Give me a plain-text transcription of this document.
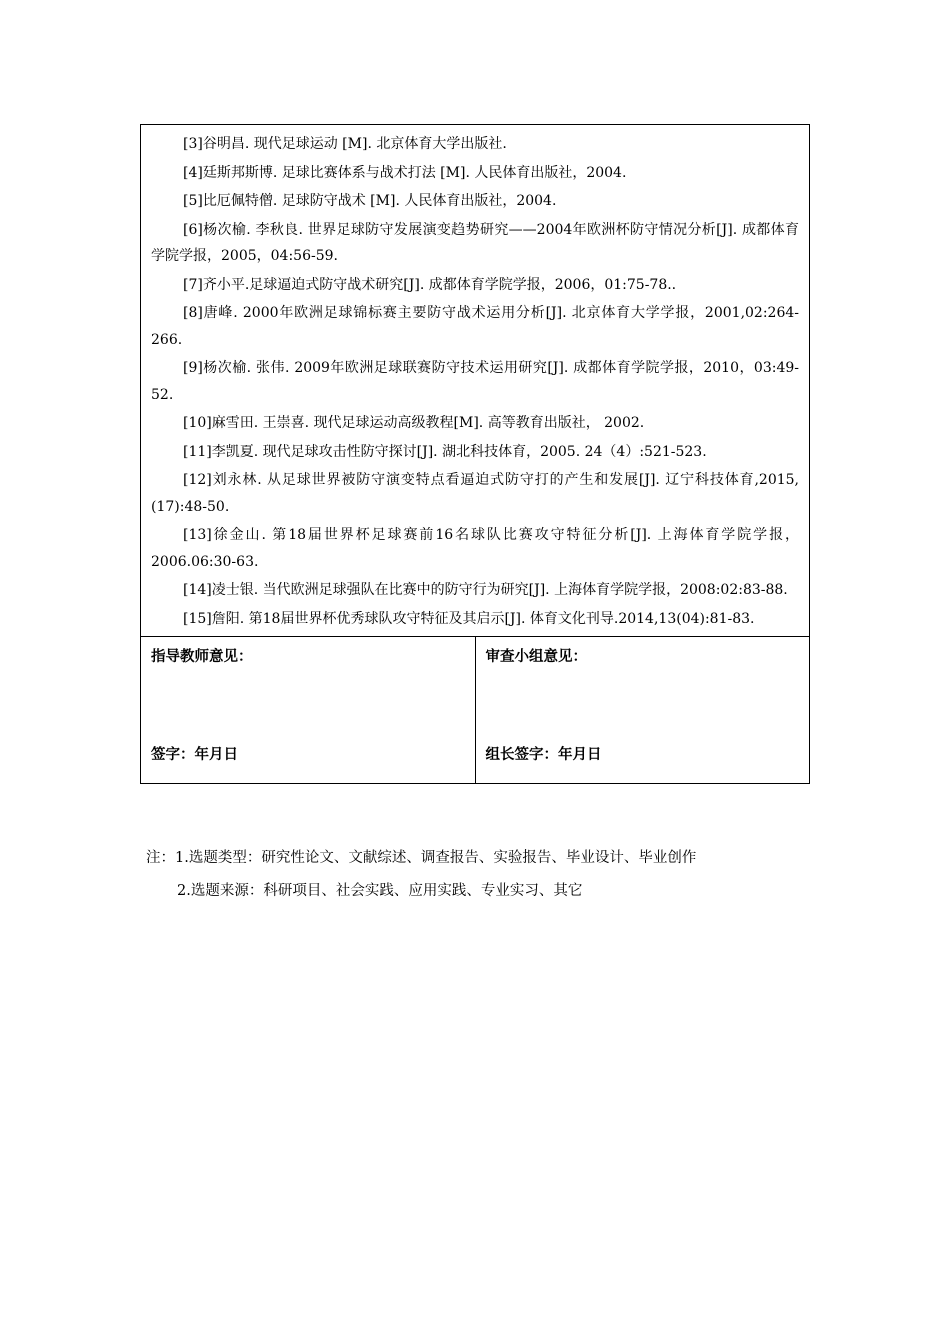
[3]谷明昌. 现代足球运动 [M]. 北京体育大学出版社.

[4]廷斯邦斯博. 足球比赛体系与战术打法 [M]. 人民体育出版社，2004.

[5]比厄佩特僧. 足球防守战术 [M]. 人民体育出版社，2004.

[6]杨次榆. 李秋良. 世界足球防守发展演变趋势研究——2004年欧洲杯防守情况分析[J]. 成都体育学院学报，2005，04:56-59.

[7]齐小平.足球逼迫式防守战术研究[J]. 成都体育学院学报，2006，01:75-78..

[8]唐峰. 2000年欧洲足球锦标赛主要防守战术运用分析[J]. 北京体育大学学报，2001,02:264-266.

[9]杨次榆. 张伟. 2009年欧洲足球联赛防守技术运用研究[J]. 成都体育学院学报，2010，03:49-52.

[10]麻雪田. 王崇喜. 现代足球运动高级教程[M]. 高等教育出版社， 2002.

[11]李凯夏. 现代足球攻击性防守探讨[J]. 湖北科技体育，2005. 24（4）:521-523.

[12]刘永林. 从足球世界被防守演变特点看逼迫式防守打的产生和发展[J]. 辽宁科技体育,2015,(17):48-50.

[13]徐金山. 第18届世界杯足球赛前16名球队比赛攻守特征分析[J]. 上海体育学院学报， 2006.06:30-63.

[14]凌士银. 当代欧洲足球强队在比赛中的防守行为研究[J]. 上海体育学院学报，2008:02:83-88.

[15]詹阳. 第18届世界杯优秀球队攻守特征及其启示[J]. 体育文化刊导.2014,13(04):81-83.

指导教师意见：
签字：年月日
审查小组意见：
组长签字：年月日

注：1.选题类型：研究性论文、文献综述、调查报告、实验报告、毕业设计、毕业创作

2.选题来源：科研项目、社会实践、应用实践、专业实习、其它
